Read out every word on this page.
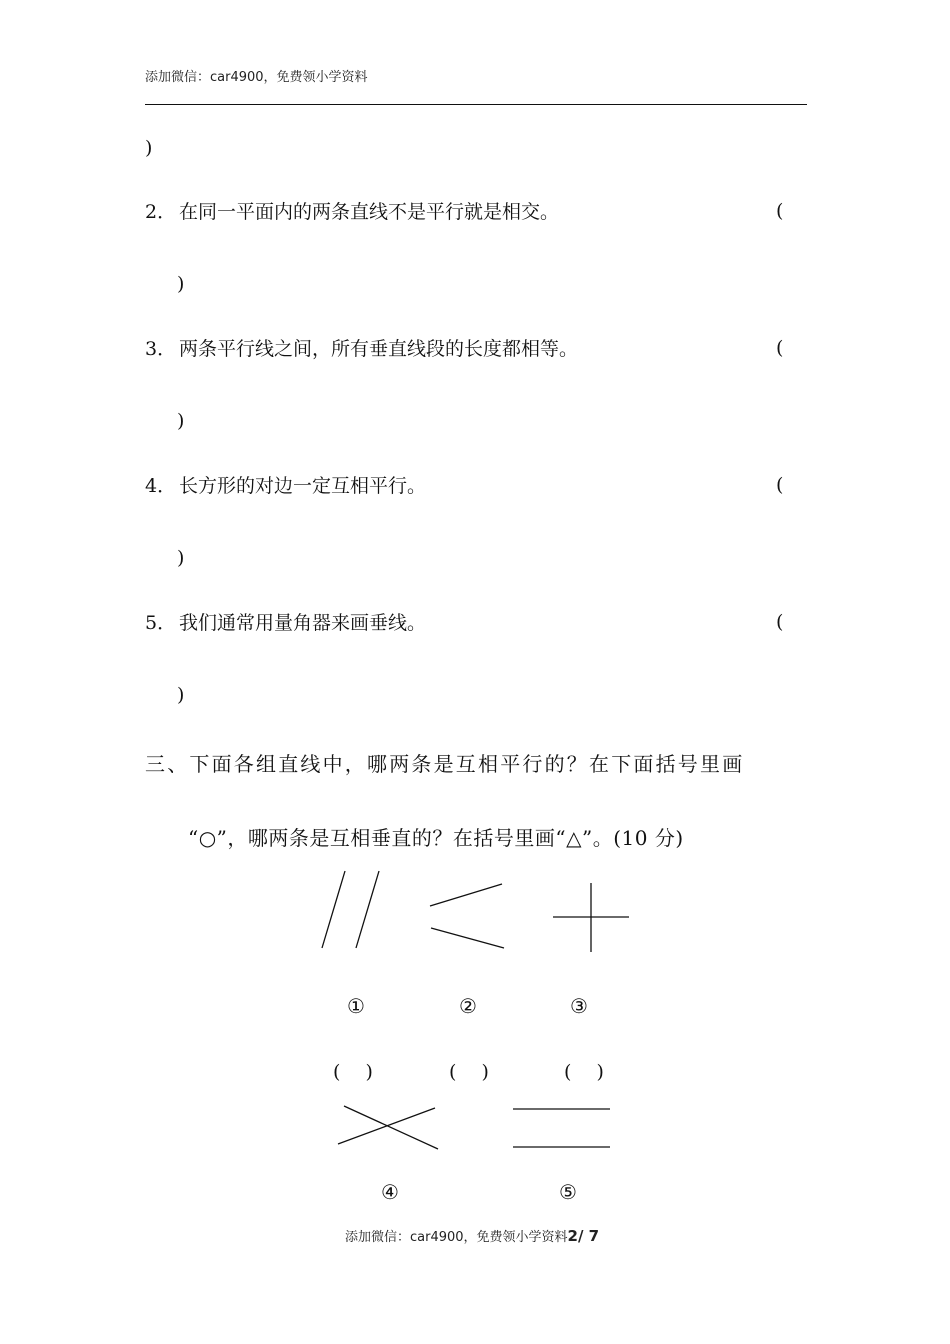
添加微信：car4900，免费领小学资料
)
2． 在同一平面内的两条直线不是平行就是相交。	(
)
3． 两条平行线之间，所有垂直线段的长度都相等。	(
)
4． 长方形的对边一定互相平行。	(
)
5． 我们通常用量角器来画垂线。	(
)
三、下面各组直线中，哪两条是互相平行的？在下面括号里画
“○”，哪两条是互相垂直的？在括号里画“△”。(10 分)
①	②	③
(　 )	(　 )	(　 )
④	⑤
添加微信：car4900，免费领小学资料2/ 7
